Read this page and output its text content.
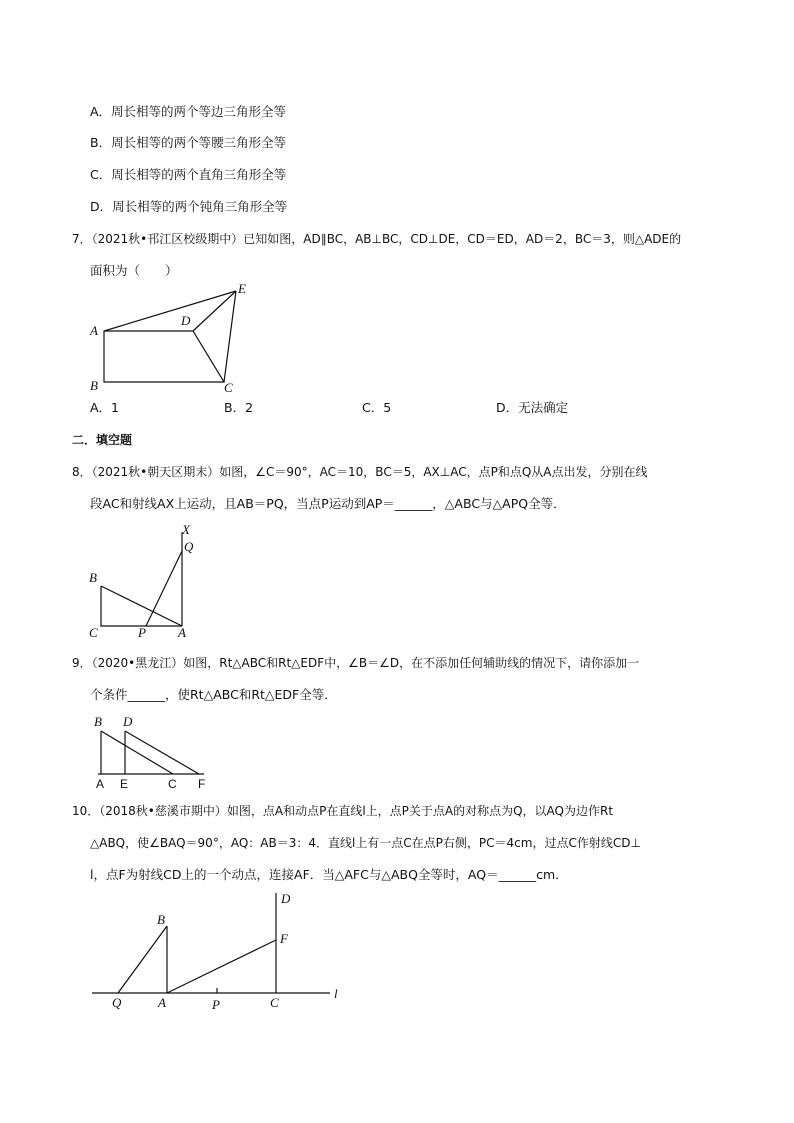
A．周长相等的两个等边三角形全等
B．周长相等的两个等腰三角形全等
C．周长相等的两个直角三角形全等
D．周长相等的两个钝角三角形全等
7．（2021秋•邗江区校级期中）已知如图，AD∥BC，AB⊥BC，CD⊥DE，CD＝ED，AD＝2，BC＝3，则△ADE的
面积为（　　）
A
B	C
D
E
A．1	B．2	C．5	D．无法确定
二．填空题
8．（2021秋•朝天区期末）如图，∠C＝90°，AC＝10，BC＝5，AX⊥AC，点P和点Q从A点出发，分别在线
段AC和射线AX上运动，且AB＝PQ，当点P运动到AP＝______，△ABC与△APQ全等．
X
Q
B
C	P A
9．（2020•黑龙江）如图，Rt△ABC和Rt△EDF中，∠B＝∠D，在不添加任何辅助线的情况下，请你添加一
个条件______，使Rt△ABC和Rt△EDF全等．
B D
A E	C F
10．（2018秋•慈溪市期中）如图，点A和动点P在直线l上，点P关于点A的对称点为Q，以AQ为边作Rt
△ABQ，使∠BAQ＝90°，AQ：AB＝3：4．直线l上有一点C在点P右侧，PC＝4cm，过点C作射线CD⊥
l，点F为射线CD上的一个动点，连接AF．当△AFC与△ABQ全等时，AQ＝______cm．
D
B
F
Q	A	P	C
l
